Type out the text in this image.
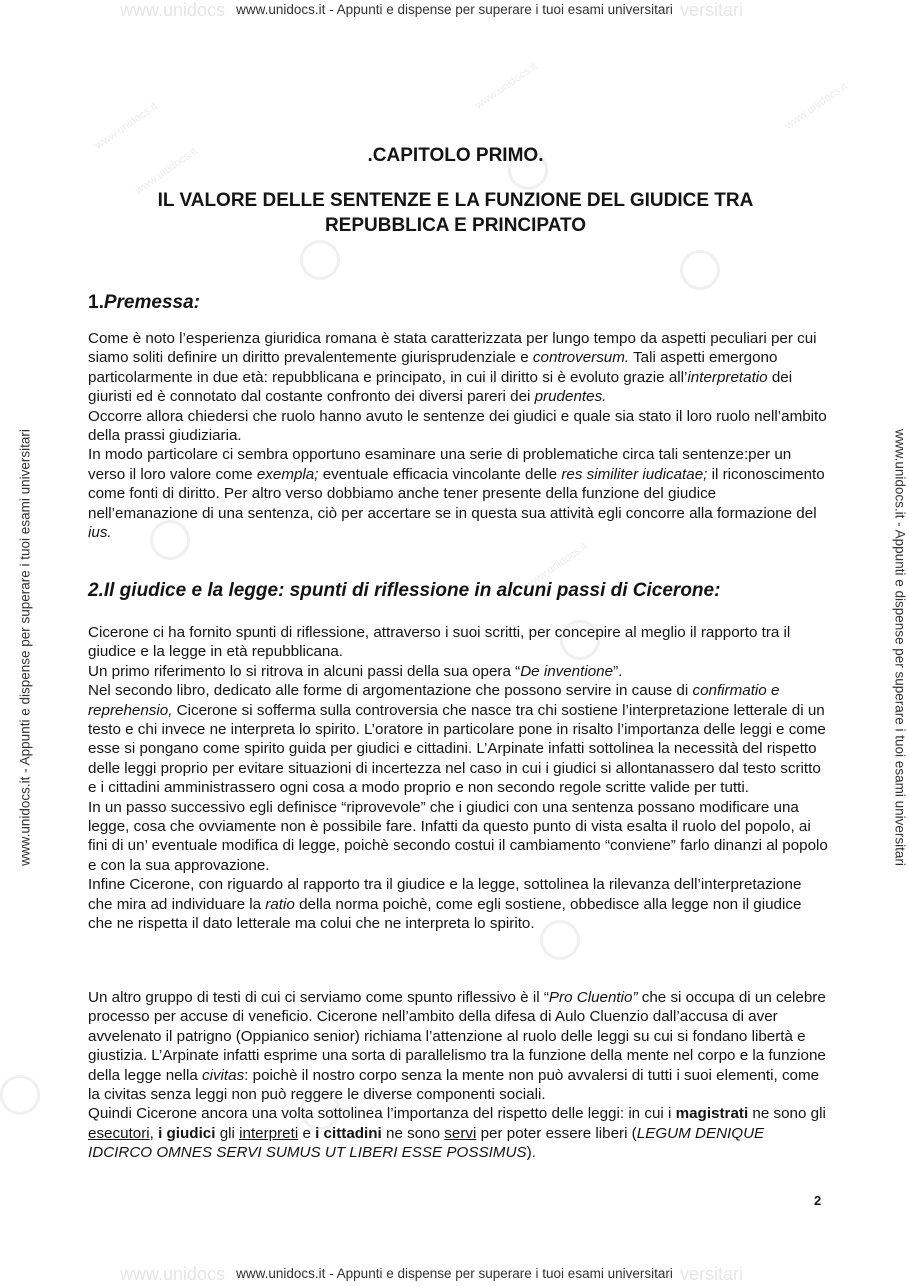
www.unidocs www.unidocs.it - Appunti e dispense per superare i tuoi esami universitari versitari
www.unidocs www.unidocs.it - Appunti e dispense per superare i tuoi esami universitari versitari
www.unidocs.it - Appunti e dispense per superare i tuoi esami universitari	www.unidocs.it - Appunti e dispense per superare i tuoi esami universitari
www.unidocs.it
www.unidocs.it
www.unidocs.it
www.unidocs.it
www.unidocs.it
.CAPITOLO PRIMO.
IL VALORE DELLE SENTENZE E LA FUNZIONE DEL GIUDICE TRA
REPUBBLICA E PRINCIPATO
1.Premessa:
Come è noto l’esperienza giuridica romana è stata caratterizzata per lungo tempo da aspetti peculiari per cui siamo soliti definire un diritto prevalentemente giurisprudenziale e controversum. Tali aspetti emergono particolarmente in due età: repubblicana e principato, in cui il diritto si è evoluto grazie all’interpretatio dei giuristi ed è connotato dal costante confronto dei diversi pareri dei prudentes.
Occorre allora chiedersi che ruolo hanno avuto le sentenze dei giudici e quale sia stato il loro ruolo nell’ambito della prassi giudiziaria.
In modo particolare ci sembra opportuno esaminare una serie di problematiche circa tali sentenze:per un verso il loro valore come exempla; eventuale efficacia vincolante delle res similiter iudicatae; il riconoscimento come fonti di diritto. Per altro verso dobbiamo anche tener presente della funzione del giudice nell’emanazione di una sentenza, ciò per accertare se in questa sua attività egli concorre alla formazione del ius.
2.Il giudice e la legge: spunti di riflessione in alcuni passi di Cicerone:
Cicerone ci ha fornito spunti di riflessione, attraverso i suoi scritti, per concepire al meglio il rapporto tra il giudice e la legge in età repubblicana.
Un primo riferimento lo si ritrova in alcuni passi della sua opera “De inventione”.
Nel secondo libro, dedicato alle forme di argomentazione che possono servire in cause di confirmatio e reprehensio, Cicerone si sofferma sulla controversia che nasce tra chi sostiene l’interpretazione letterale di un testo e chi invece ne interpreta lo spirito. L’oratore in particolare pone in risalto l’importanza delle leggi e come esse si pongano come spirito guida per giudici e cittadini. L’Arpinate infatti sottolinea la necessità del rispetto delle leggi proprio per evitare situazioni di incertezza nel caso in cui i giudici si allontanassero dal testo scritto e i cittadini amministrassero ogni cosa a modo proprio e non secondo regole scritte valide per tutti.
In un passo successivo egli definisce “riprovevole” che i giudici con una sentenza possano modificare una legge, cosa che ovviamente non è possibile fare. Infatti da questo punto di vista esalta il ruolo del popolo, ai fini di un’ eventuale modifica di legge, poichè secondo costui il cambiamento “conviene” farlo dinanzi al popolo e con la sua approvazione.
Infine Cicerone, con riguardo al rapporto tra il giudice e la legge, sottolinea la rilevanza dell’interpretazione che mira ad individuare la ratio della norma poichè, come egli sostiene, obbedisce alla legge non il giudice che ne rispetta il dato letterale ma colui che ne interpreta lo spirito.
Un altro gruppo di testi di cui ci serviamo come spunto riflessivo è il “Pro Cluentio” che si occupa di un celebre processo per accuse di veneficio. Cicerone nell’ambito della difesa di Aulo Cluenzio dall’accusa di aver avvelenato il patrigno (Oppianico senior) richiama l’attenzione al ruolo delle leggi su cui si fondano libertà e giustizia. L’Arpinate infatti esprime una sorta di parallelismo tra la funzione della mente nel corpo e la funzione della legge nella civitas: poichè il nostro corpo senza la mente non può avvalersi di tutti i suoi elementi, come la civitas senza leggi non può reggere le diverse componenti sociali.
Quindi Cicerone ancora una volta sottolinea l’importanza del rispetto delle leggi: in cui i magistrati ne sono gli esecutori, i giudici gli interpreti e i cittadini ne sono servi per poter essere liberi (LEGUM DENIQUE IDCIRCO OMNES SERVI SUMUS UT LIBERI ESSE POSSIMUS).
2
